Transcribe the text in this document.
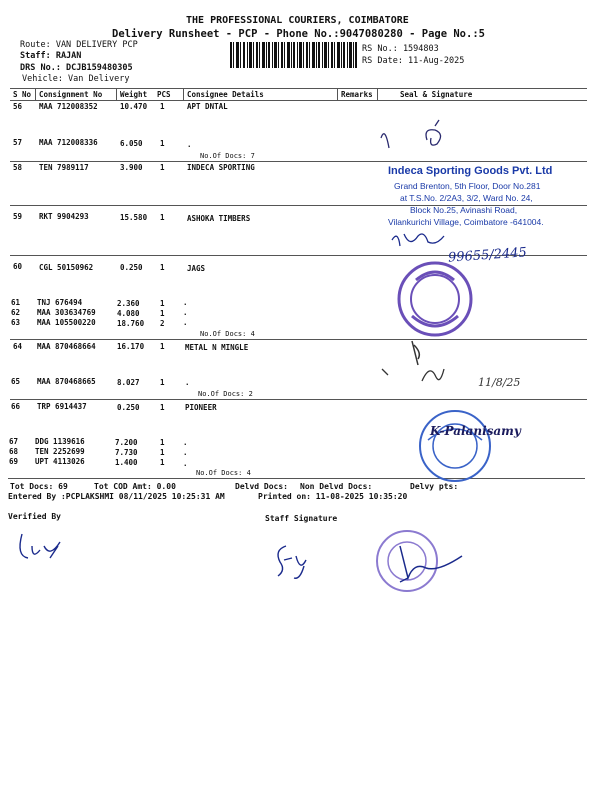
THE PROFESSIONAL COURIERS, COIMBATORE
Delivery Runsheet - PCP - Phone No.:9047080280 - Page No.:5
Route: VAN DELIVERY PCP
Staff: RAJAN
DRS No.: DCJB159480305
Vehicle: Van Delivery
RS No.: 1594803
RS Date: 11-Aug-2025
S No Consignment No Weight PCS Consignee Details	Remarks	Seal & Signature
56 MAA 712008352	10.470 1	APT DNTAL
57 MAA 712008336	6.050 1	.
No.Of Docs: 7
58 TEN 7989117	3.900 1	INDECA SPORTING
59 RKT 9904293	15.580 1	ASHOKA TIMBERS
60 CGL 50150962	0.250 1	JAGS
61 TNJ 676494	2.360	1 .
62 MAA 303634769	4.080	1 .
63 MAA 105500220	18.760 2 .
No.Of Docs: 4
64 MAA 870468664	16.170 1	METAL N MINGLE
65 MAA 870468665	8.027	1	.
No.Of Docs: 2
66 TRP 6914437	0.250	1	PIONEER
67 DDG 1139616	7.200	1 .
68 TEN 2252699	7.730	1 .
69 UPT 4113026	1.400	1 .
No.Of Docs: 4
Indeca Sporting Goods Pvt. Ltd
Grand Brenton, 5th Floor, Door No.281
at T.S.No. 2/2A3, 3/2, Ward No. 24,
Block No.25, Avinashi Road,
Vilankurichi Village, Coimbatore -641004.
99655/2445
11/8/25
K-Palanisamy
Tot Docs: 69	Tot COD Amt: 0.00	Delvd Docs: Non Delvd Docs:	Delvy pts:
Entered By :PCPLAKSHMI 08/11/2025 10:25:31 AM	Printed on: 11-08-2025 10:35:20
Verified By	Staff Signature
